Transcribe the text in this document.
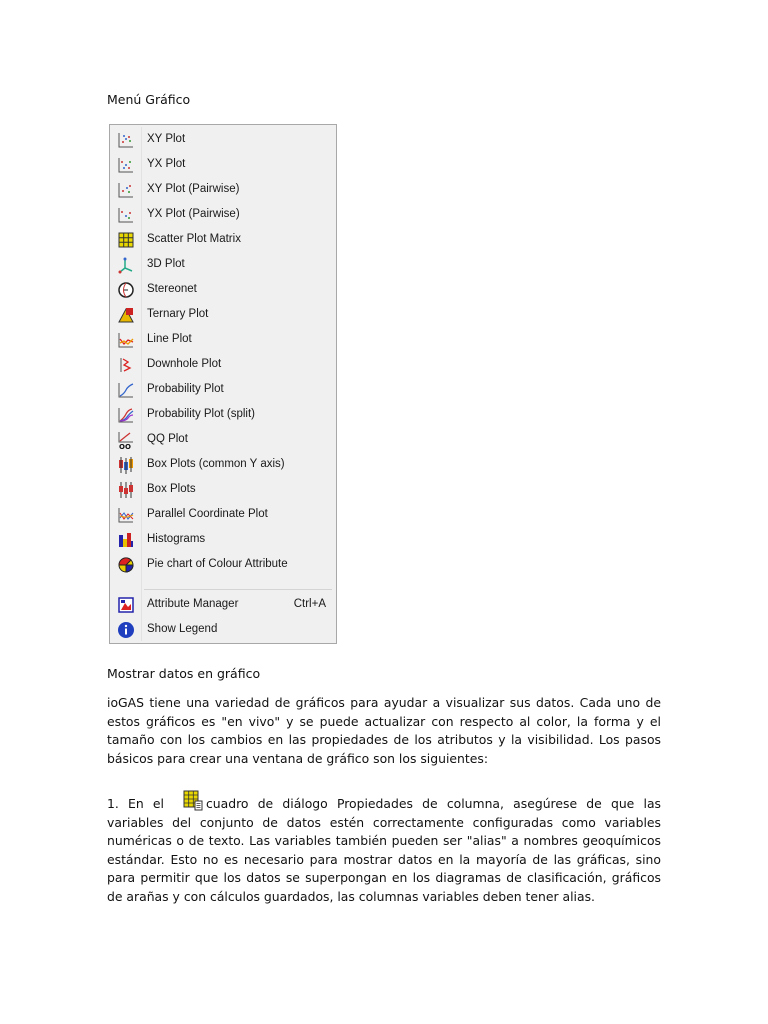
Menú Gráfico
XY Plot
YX Plot
XY Plot (Pairwise)
YX Plot (Pairwise)
Scatter Plot Matrix
3D Plot
Stereonet
Ternary Plot
Line Plot
Downhole Plot
Probability Plot
Probability Plot (split)
QQ
QQ Plot
Box Plots (common Y axis)
Box Plots
Parallel Coordinate Plot
Histograms
Pie chart of Colour Attribute
Attribute Manager	Ctrl+A
Show Legend
Mostrar datos en gráfico
ioGAS tiene una variedad de gráficos para ayudar a visualizar sus datos. Cada uno de estos gráficos es "en vivo" y se puede actualizar con respecto al color, la forma y el tamaño con los cambios en las propiedades de los atributos y la visibilidad. Los pasos básicos para crear una ventana de gráfico son los siguientes:
1. En el	cuadro de diálogo Propiedades de columna, asegúrese de que las variables del conjunto de datos estén correctamente configuradas como variables numéricas o de texto. Las variables también pueden ser "alias" a nombres geoquímicos estándar. Esto no es necesario para mostrar datos en la mayoría de las gráficas, sino para permitir que los datos se superpongan en los diagramas de clasificación, gráficos de arañas y con cálculos guardados, las columnas variables deben tener alias.
